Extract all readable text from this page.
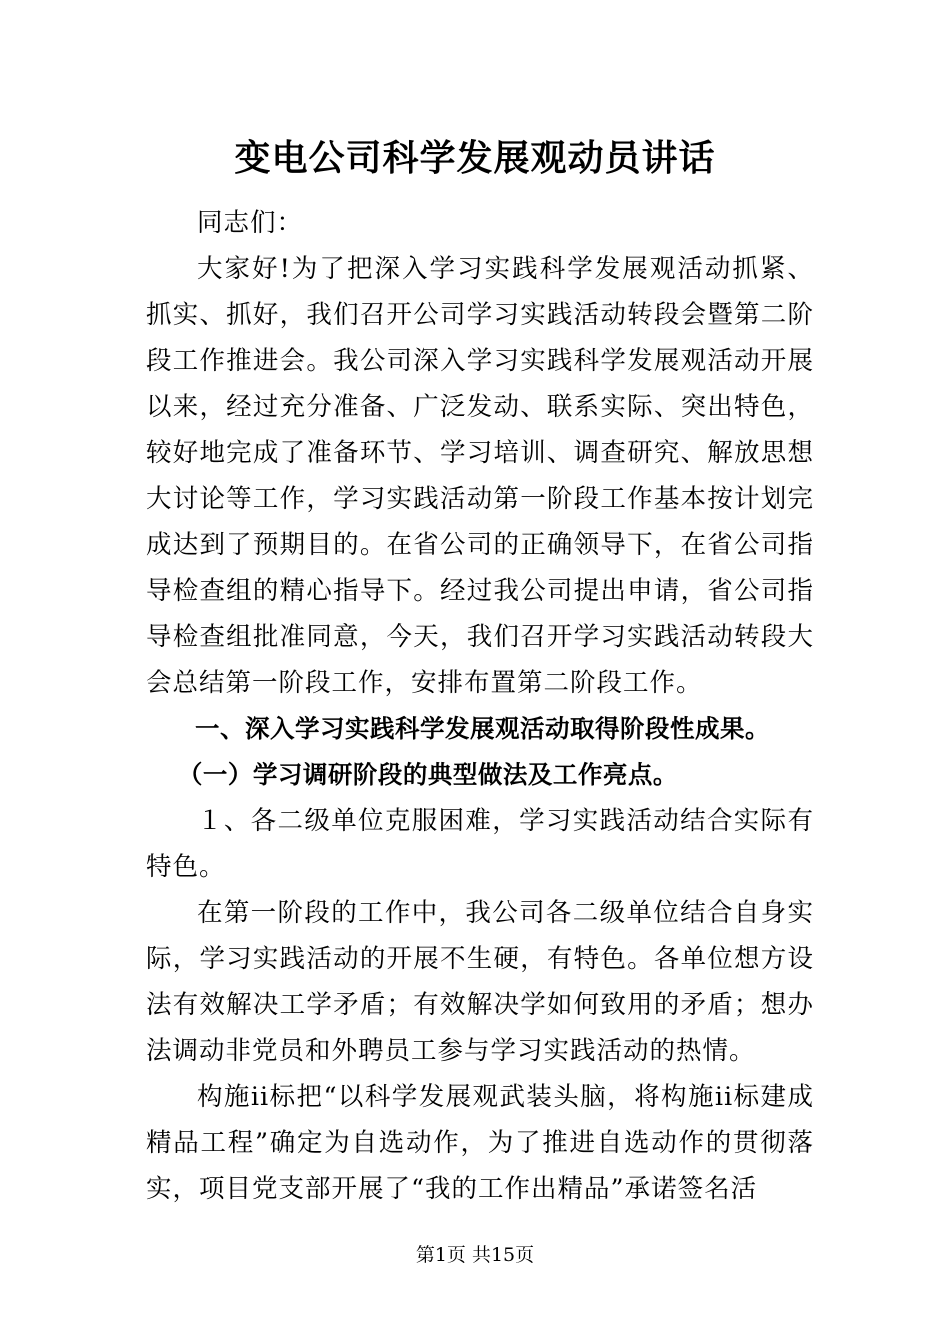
变电公司科学发展观动员讲话

同志们：

大家好!为了把深入学习实践科学发展观活动抓紧、抓实、抓好，我们召开公司学习实践活动转段会暨第二阶段工作推进会。我公司深入学习实践科学发展观活动开展以来，经过充分准备、广泛发动、联系实际、突出特色，较好地完成了准备环节、学习培训、调查研究、解放思想大讨论等工作，学习实践活动第一阶段工作基本按计划完成达到了预期目的。在省公司的正确领导下，在省公司指导检查组的精心指导下。经过我公司提出申请，省公司指导检查组批准同意，今天，我们召开学习实践活动转段大会总结第一阶段工作，安排布置第二阶段工作。

一、深入学习实践科学发展观活动取得阶段性成果。

（一）学习调研阶段的典型做法及工作亮点。

１、各二级单位克服困难，学习实践活动结合实际有特色。

在第一阶段的工作中，我公司各二级单位结合自身实际，学习实践活动的开展不生硬，有特色。各单位想方设法有效解决工学矛盾；有效解决学如何致用的矛盾；想办法调动非党员和外聘员工参与学习实践活动的热情。

构施ii标把“以科学发展观武装头脑，将构施ii标建成精品工程”确定为自选动作，为了推进自选动作的贯彻落实，项目党支部开展了“我的工作出精品”承诺签名活

第1页 共15页
